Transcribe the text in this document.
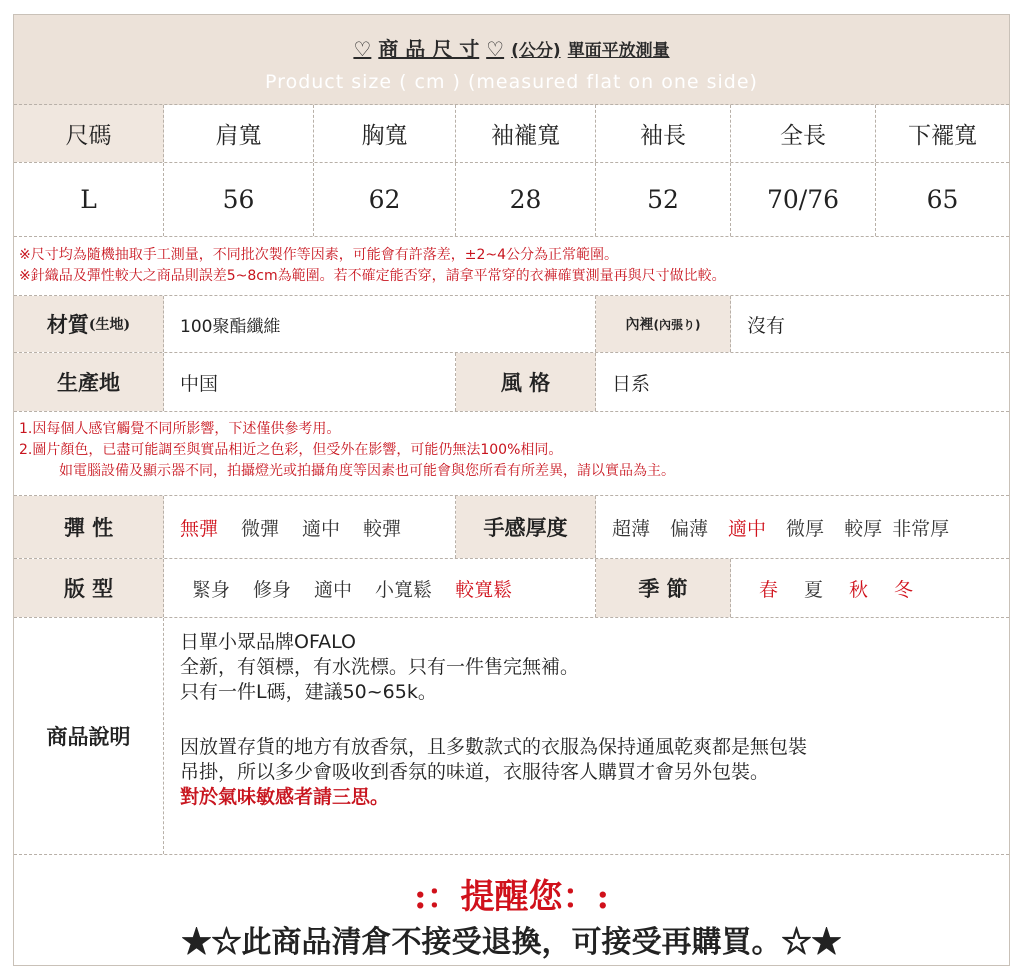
♡ 商 品 尺 寸 ♡ (公分) 單面平放測量
Product size ( cm ) (measured flat on one side)
尺碼	肩寬	胸寬	袖襱寬	袖長	全長	下襬寬
L	56	62	28	52	70/76	65
※尺寸均為隨機抽取手工測量，不同批次製作等因素，可能會有許落差，±2~4公分為正常範圍。
※針織品及彈性較大之商品則誤差5~8cm為範圍。若不確定能否穿，請拿平常穿的衣褲確實測量再與尺寸做比較。
材質 (生地)	100聚酯纖維	內裡 (內張り)	沒有
生產地	中国	風 格	日系
1.因每個人感官觸覺不同所影響，下述僅供參考用。
2.圖片顏色，已盡可能調至與實品相近之色彩，但受外在影響，可能仍無法100%相同。
如電腦設備及顯示器不同，拍攝燈光或拍攝角度等因素也可能會與您所看有所差異，請以實品為主。
彈 性	無彈 微彈 適中 較彈	手感厚度	超薄 偏薄 適中 微厚 較厚 非常厚
版 型	緊身 修身 適中 小寬鬆 較寬鬆	季 節	春 夏 秋 冬
商品說明
日單小眾品牌OFALO
全新，有領標，有水洗標。只有一件售完無補。
只有一件L碼，建議50~65k。
因放置存貨的地方有放香氛，且多數款式的衣服為保持通風乾爽都是無包裝
吊掛，所以多少會吸收到香氛的味道，衣服待客人購買才會另外包裝。
對於氣味敏感者請三思。
:：提醒您：:
★☆此商品清倉不接受退換，可接受再購買。☆★
